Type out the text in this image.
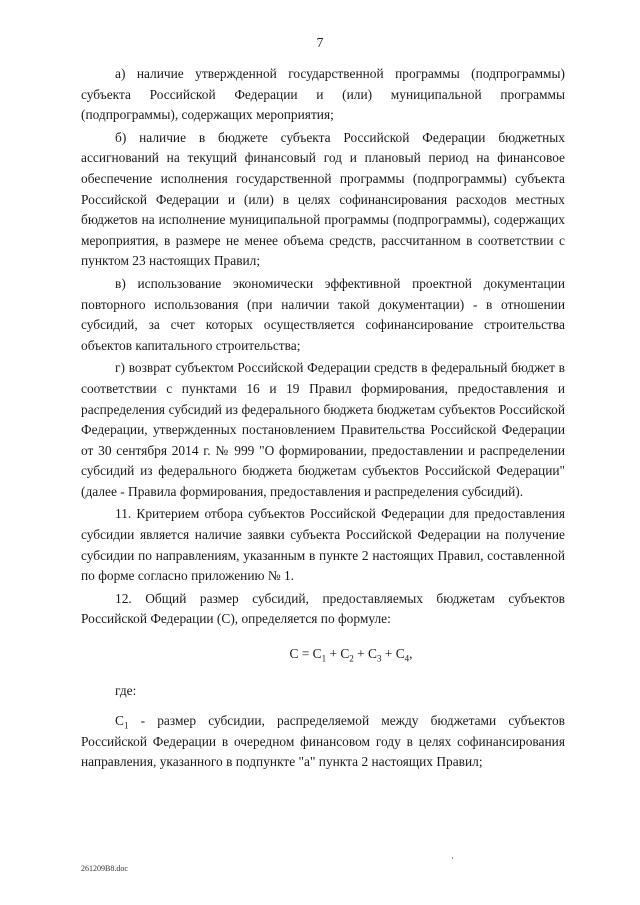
7

а) наличие утвержденной государственной программы (подпрограммы) субъекта Российской Федерации и (или) муниципальной программы (подпрограммы), содержащих мероприятия;

б) наличие в бюджете субъекта Российской Федерации бюджетных ассигнований на текущий финансовый год и плановый период на финансовое обеспечение исполнения государственной программы (подпрограммы) субъекта Российской Федерации и (или) в целях софинансирования расходов местных бюджетов на исполнение муниципальной программы (подпрограммы), содержащих мероприятия, в размере не менее объема средств, рассчитанном в соответствии с пунктом 23 настоящих Правил;

в) использование экономически эффективной проектной документации повторного использования (при наличии такой документации) - в отношении субсидий, за счет которых осуществляется софинансирование строительства объектов капитального строительства;

г) возврат субъектом Российской Федерации средств в федеральный бюджет в соответствии с пунктами 16 и 19 Правил формирования, предоставления и распределения субсидий из федерального бюджета бюджетам субъектов Российской Федерации, утвержденных постановлением Правительства Российской Федерации от 30 сентября 2014 г. № 999 "О формировании, предоставлении и распределении субсидий из федерального бюджета бюджетам субъектов Российской Федерации" (далее - Правила формирования, предоставления и распределения субсидий).

11. Критерием отбора субъектов Российской Федерации для предоставления субсидии является наличие заявки субъекта Российской Федерации на получение субсидии по направлениям, указанным в пункте 2 настоящих Правил, составленной по форме согласно приложению № 1.

12. Общий размер субсидий, предоставляемых бюджетам субъектов Российской Федерации (С), определяется по формуле:

$С = С_1 + С_2 + С_3 + С_4$,

где:

$С_1$ - размер субсидии, распределяемой между бюджетами субъектов Российской Федерации в очередном финансовом году в целях софинансирования направления, указанного в подпункте "а" пункта 2 настоящих Правил;

261209В8.doc
